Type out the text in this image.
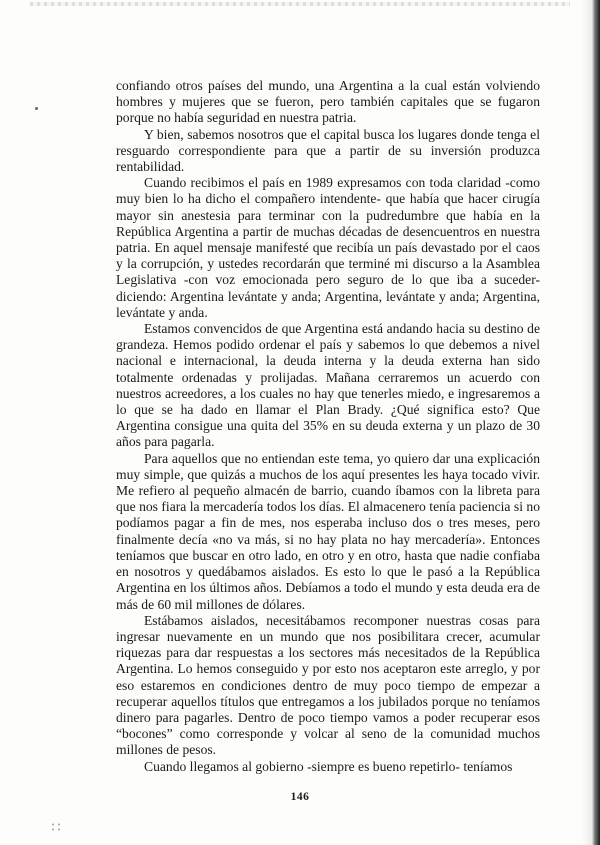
confiando otros países del mundo, una Argentina a la cual están volviendo hombres y mujeres que se fueron, pero también capitales que se fugaron porque no había seguridad en nuestra patria.

Y bien, sabemos nosotros que el capital busca los lugares donde tenga el resguardo correspondiente para que a partir de su inversión produzca rentabilidad.

Cuando recibimos el país en 1989 expresamos con toda claridad -como muy bien lo ha dicho el compañero intendente- que había que hacer cirugía mayor sin anestesia para terminar con la pudredumbre que había en la República Argentina a partir de muchas décadas de desencuentros en nuestra patria. En aquel mensaje manifesté que recibía un país devastado por el caos y la corrupción, y ustedes recordarán que terminé mi discurso a la Asamblea Legislativa -con voz emocionada pero seguro de lo que iba a suceder- diciendo: Argentina levántate y anda; Argentina, levántate y anda; Argentina, levántate y anda.

Estamos convencidos de que Argentina está andando hacia su destino de grandeza. Hemos podido ordenar el país y sabemos lo que debemos a nivel nacional e internacional, la deuda interna y la deuda externa han sido totalmente ordenadas y prolijadas. Mañana cerraremos un acuerdo con nuestros acreedores, a los cuales no hay que tenerles miedo, e ingresaremos a lo que se ha dado en llamar el Plan Brady. ¿Qué significa esto? Que Argentina consigue una quita del 35% en su deuda externa y un plazo de 30 años para pagarla.

Para aquellos que no entiendan este tema, yo quiero dar una explicación muy simple, que quizás a muchos de los aquí presentes les haya tocado vivir. Me refiero al pequeño almacén de barrio, cuando íbamos con la libreta para que nos fiara la mercadería todos los días. El almacenero tenía paciencia si no podíamos pagar a fin de mes, nos esperaba incluso dos o tres meses, pero finalmente decía «no va más, si no hay plata no hay mercadería». Entonces teníamos que buscar en otro lado, en otro y en otro, hasta que nadie confiaba en nosotros y quedábamos aislados. Es esto lo que le pasó a la República Argentina en los últimos años. Debíamos a todo el mundo y esta deuda era de más de 60 mil millones de dólares.

Estábamos aislados, necesitábamos recomponer nuestras cosas para ingresar nuevamente en un mundo que nos posibilitara crecer, acumular riquezas para dar respuestas a los sectores más necesitados de la República Argentina. Lo hemos conseguido y por esto nos aceptaron este arreglo, y por eso estaremos en condiciones dentro de muy poco tiempo de empezar a recuperar aquellos títulos que entregamos a los jubilados porque no teníamos dinero para pagarles. Dentro de poco tiempo vamos a poder recuperar esos “bocones” como corresponde y volcar al seno de la comunidad muchos millones de pesos.

Cuando llegamos al gobierno -siempre es bueno repetirlo- teníamos

146
